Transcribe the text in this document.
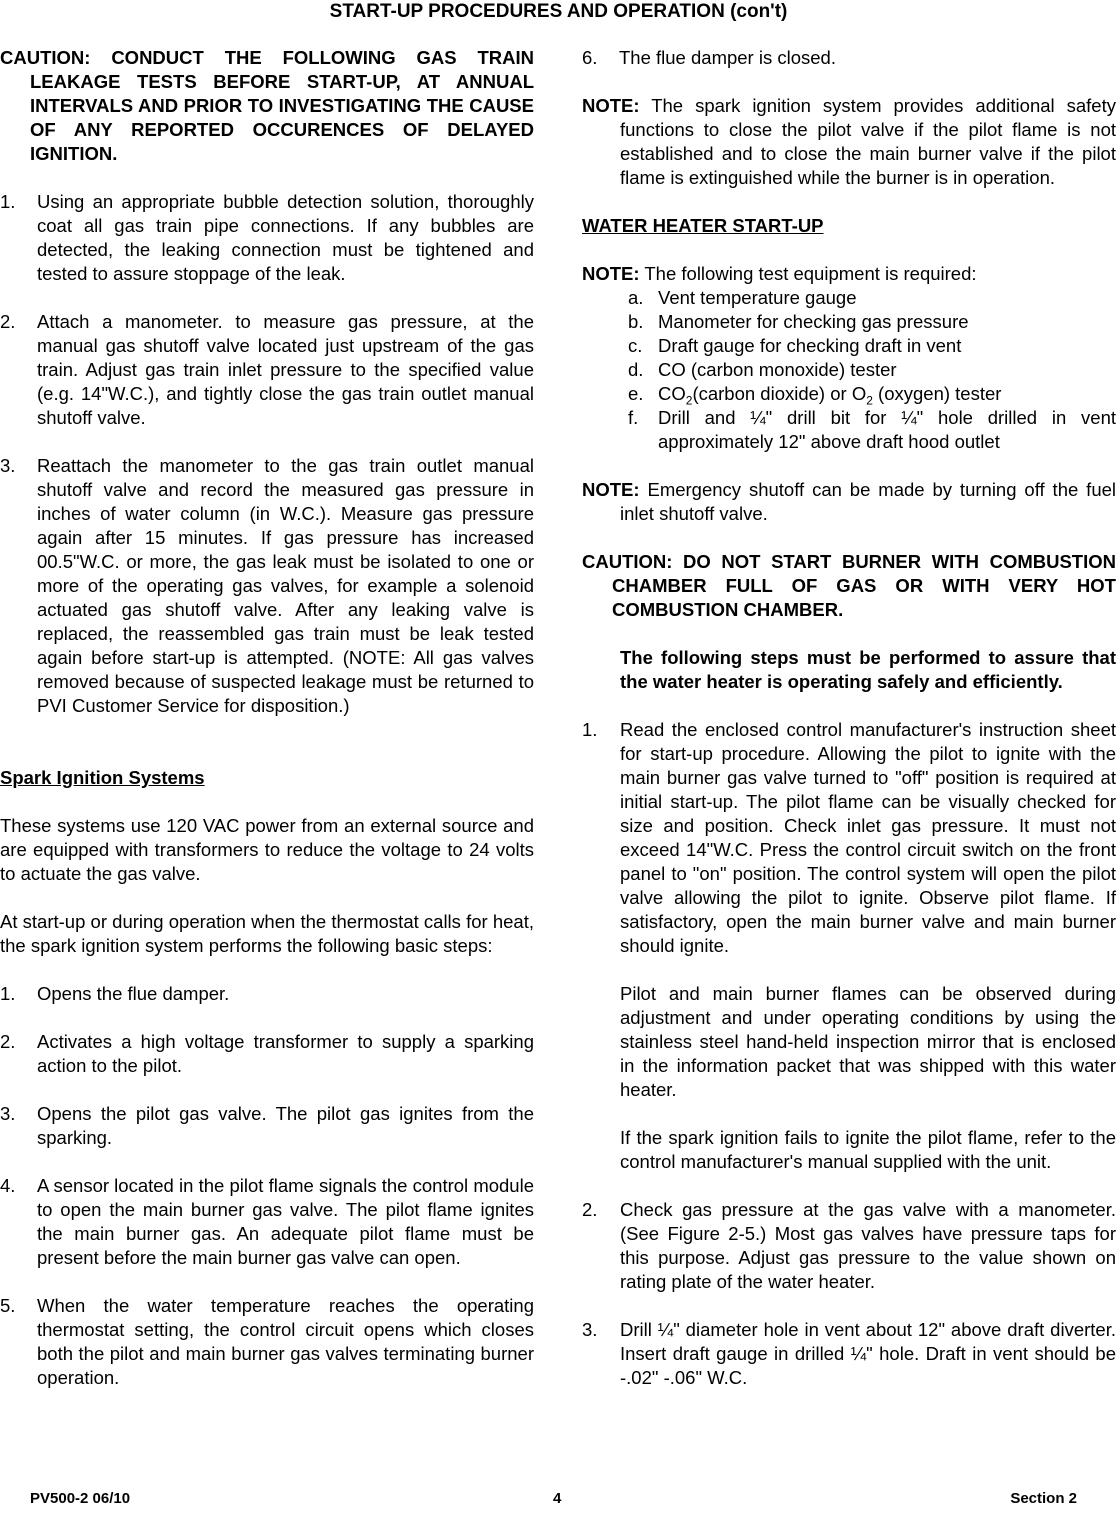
START-UP PROCEDURES AND OPERATION (con't)
CAUTION: CONDUCT THE FOLLOWING GAS TRAIN LEAKAGE TESTS BEFORE START-UP, AT ANNUAL INTERVALS AND PRIOR TO INVESTIGATING THE CAUSE OF ANY REPORTED OCCURENCES OF DELAYED IGNITION.
1.	Using an appropriate bubble detection solution, thoroughly coat all gas train pipe connections. If any bubbles are detected, the leaking connection must be tightened and tested to assure stoppage of the leak.
2.	Attach a manometer. to measure gas pressure, at the manual gas shutoff valve located just upstream of the gas train. Adjust gas train inlet pressure to the specified value (e.g. 14"W.C.), and tightly close the gas train outlet manual shutoff valve.
3.	Reattach the manometer to the gas train outlet manual shutoff valve and record the measured gas pressure in inches of water column (in W.C.). Measure gas pressure again after 15 minutes. If gas pressure has increased 00.5"W.C. or more, the gas leak must be isolated to one or more of the operating gas valves, for example a solenoid actuated gas shutoff valve. After any leaking valve is replaced, the reassembled gas train must be leak tested again before start-up is attempted. (NOTE: All gas valves removed because of suspected leakage must be returned to PVI Customer Service for disposition.)
Spark Ignition Systems

These systems use 120 VAC power from an external source and are equipped with transformers to reduce the voltage to 24 volts to actuate the gas valve.

At start-up or during operation when the thermostat calls for heat, the spark ignition system performs the following basic steps:

1.	Opens the flue damper.
2.	Activates a high voltage transformer to supply a sparking action to the pilot.
3.	Opens the pilot gas valve. The pilot gas ignites from the sparking.
4.	A sensor located in the pilot flame signals the control module to open the main burner gas valve. The pilot flame ignites the main burner gas. An adequate pilot flame must be present before the main burner gas valve can open.
5.	When the water temperature reaches the operating thermostat setting, the control circuit opens which closes both the pilot and main burner gas valves terminating burner operation.
6.	The flue damper is closed.
NOTE: The spark ignition system provides additional safety functions to close the pilot valve if the pilot flame is not established and to close the main burner valve if the pilot flame is extinguished while the burner is in operation.
WATER HEATER START-UP
NOTE: The following test equipment is required:
a. Vent temperature gauge
b. Manometer for checking gas pressure
c. Draft gauge for checking draft in vent
d. CO (carbon monoxide) tester
e. $CO_2(carbon$ dioxide) or $O_2$ (oxygen) tester
f.	Drill and ¼" drill bit for ¼" hole drilled in vent approximately 12" above draft hood outlet
NOTE: Emergency shutoff can be made by turning off the fuel inlet shutoff valve.
CAUTION: DO NOT START BURNER WITH COMBUSTION CHAMBER FULL OF GAS OR WITH VERY HOT COMBUSTION CHAMBER.
The following steps must be performed to assure that the water heater is operating safely and efficiently.
1.	Read the enclosed control manufacturer's instruction sheet for start-up procedure. Allowing the pilot to ignite with the main burner gas valve turned to "off" position is required at initial start-up. The pilot flame can be visually checked for size and position. Check inlet gas pressure. It must not exceed 14"W.C. Press the control circuit switch on the front panel to "on" position. The control system will open the pilot valve allowing the pilot to ignite. Observe pilot flame. If satisfactory, open the main burner valve and main burner should ignite.
Pilot and main burner flames can be observed during adjustment and under operating conditions by using the stainless steel hand-held inspection mirror that is enclosed in the information packet that was shipped with this water heater.
If the spark ignition fails to ignite the pilot flame, refer to the control manufacturer's manual supplied with the unit.
2.	Check gas pressure at the gas valve with a manometer. (See Figure 2-5.) Most gas valves have pressure taps for this purpose. Adjust gas pressure to the value shown on rating plate of the water heater.
3.	Drill ¼" diameter hole in vent about 12" above draft diverter. Insert draft gauge in drilled ¼" hole. Draft in vent should be -.02" -.06" W.C.
PV500-2 06/10	4	Section 2
